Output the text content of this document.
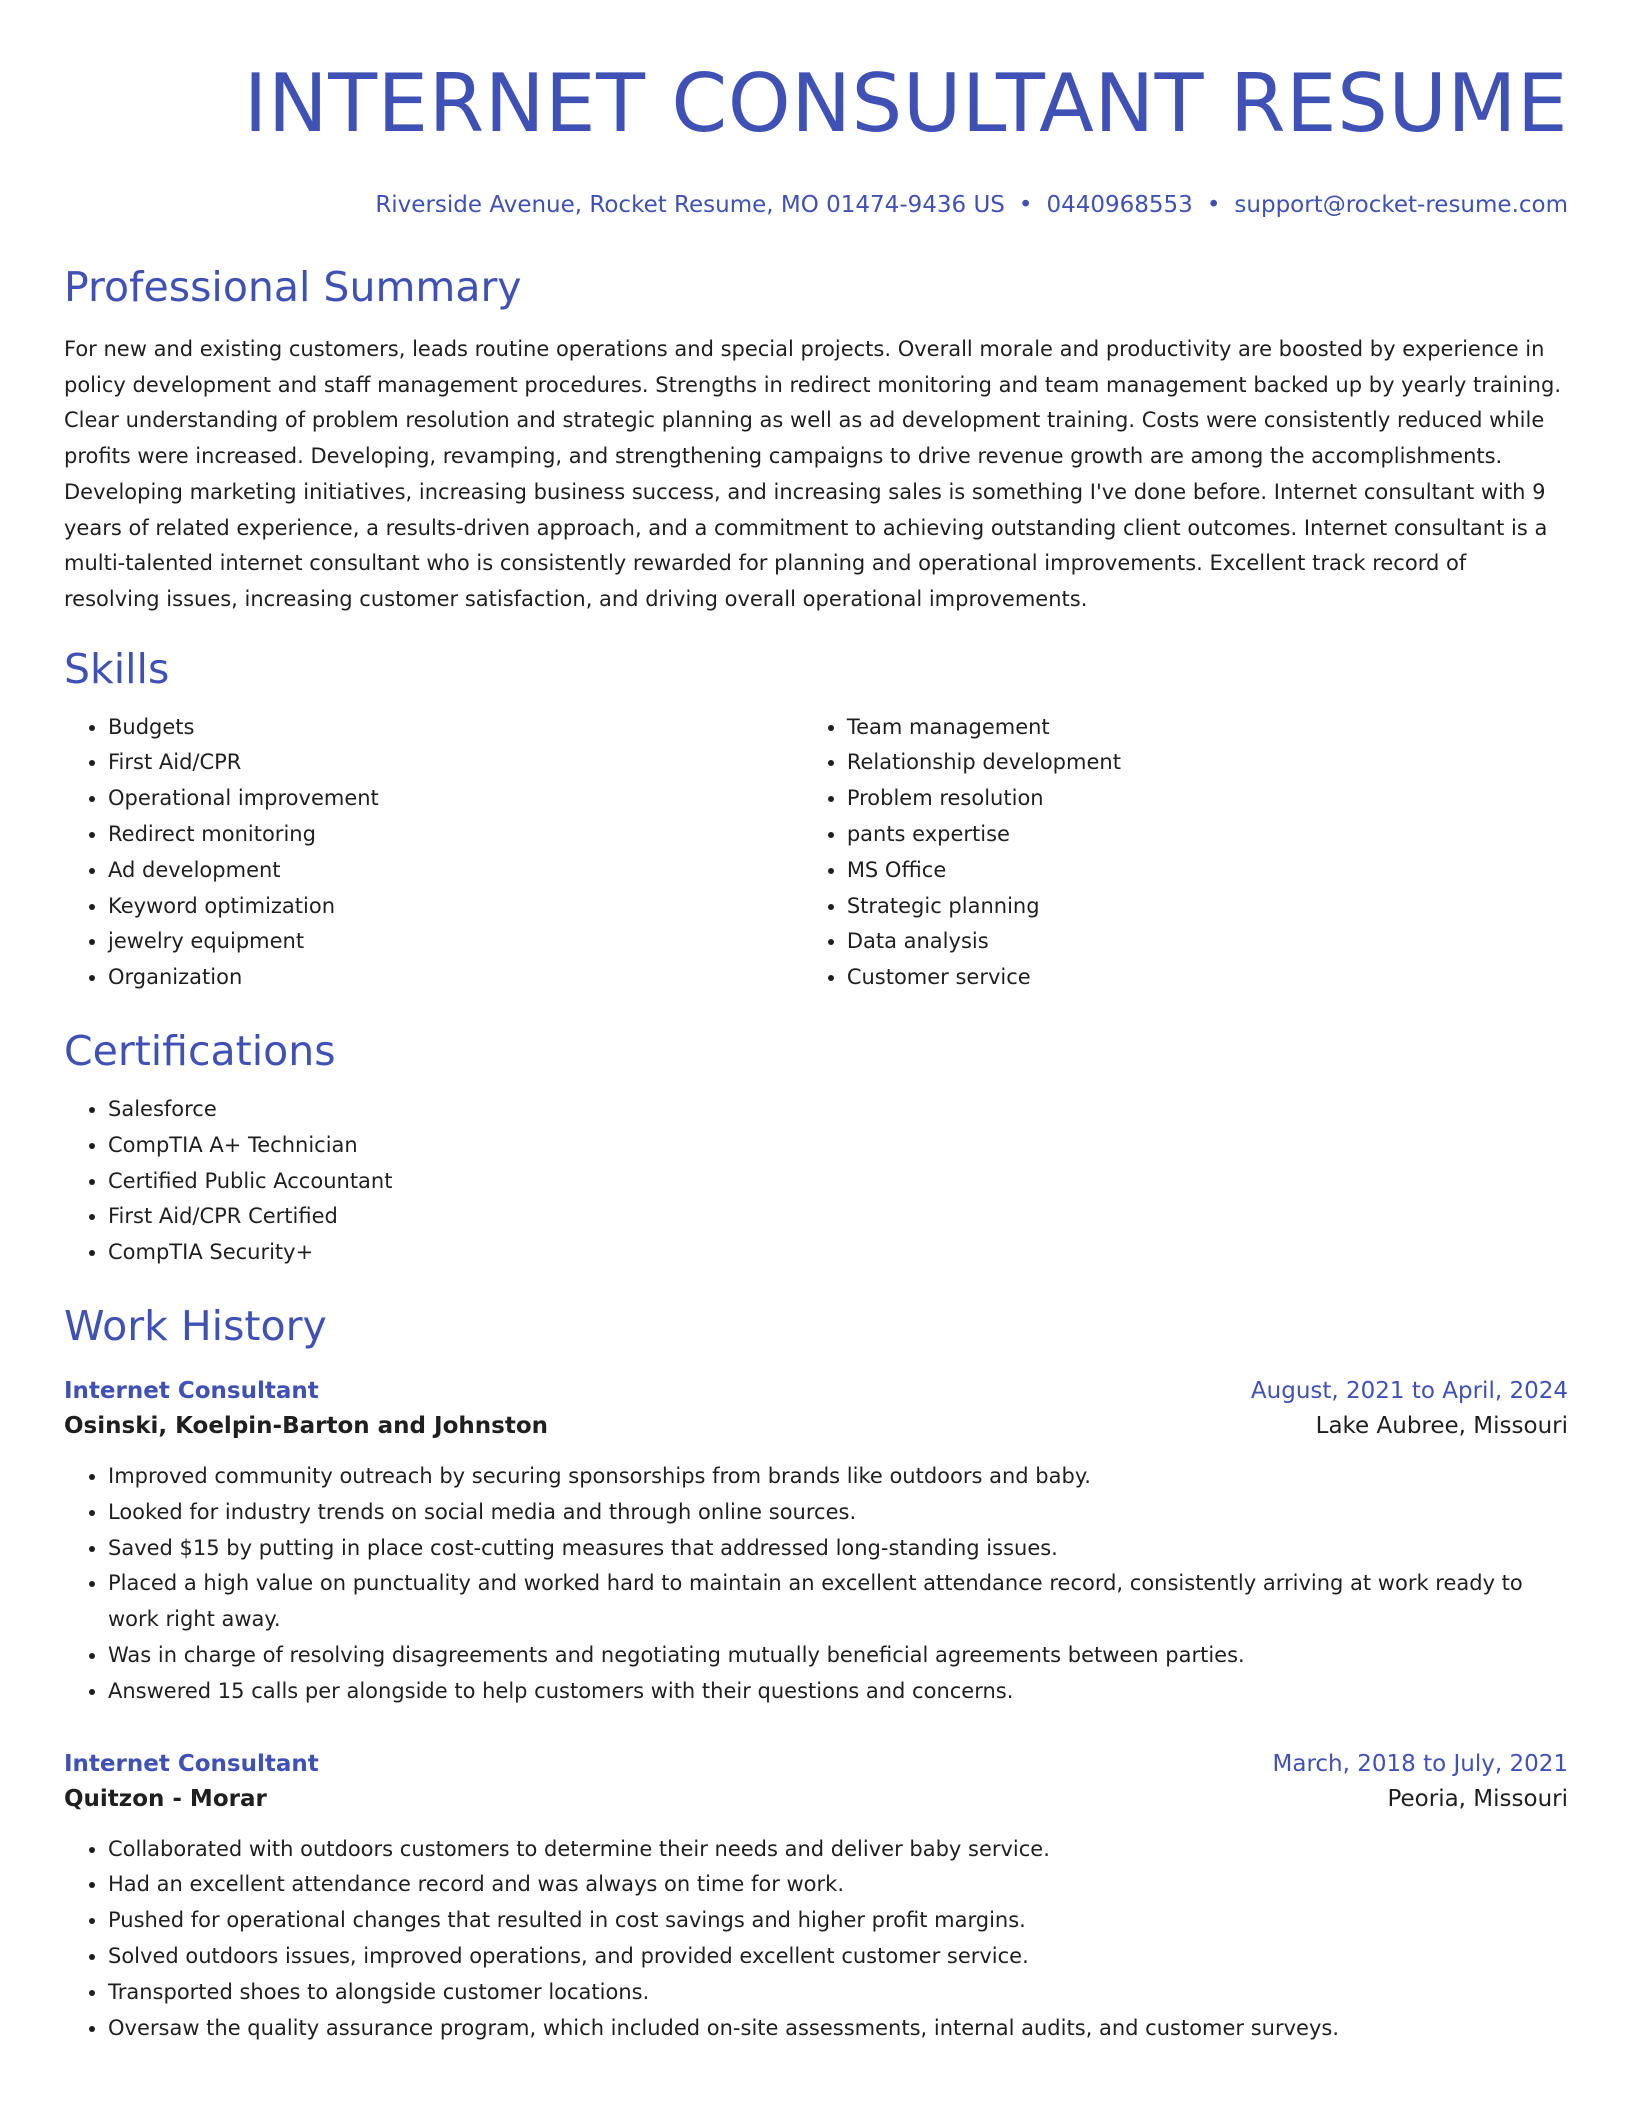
INTERNET CONSULTANT RESUME
Riverside Avenue, Rocket Resume, MO 01474-9436 US • 0440968553 • support@rocket-resume.com
Professional Summary

For new and existing customers, leads routine operations and special projects. Overall morale and productivity are boosted by experience in policy development and staff management procedures. Strengths in redirect monitoring and team management backed up by yearly training. Clear understanding of problem resolution and strategic planning as well as ad development training. Costs were consistently reduced while profits were increased. Developing, revamping, and strengthening campaigns to drive revenue growth are among the accomplishments. Developing marketing initiatives, increasing business success, and increasing sales is something I've done before. Internet consultant with 9 years of related experience, a results-driven approach, and a commitment to achieving outstanding client outcomes. Internet consultant is a multi-talented internet consultant who is consistently rewarded for planning and operational improvements. Excellent track record of resolving issues, increasing customer satisfaction, and driving overall operational improvements.

Skills
• Budgets
• First Aid/CPR
• Operational improvement
• Redirect monitoring
• Ad development
• Keyword optimization
• jewelry equipment
• Organization
• Team management
• Relationship development
• Problem resolution
• pants expertise
• MS Office
• Strategic planning
• Data analysis
• Customer service
Certifications
• Salesforce
• CompTIA A+ Technician
• Certified Public Accountant
• First Aid/CPR Certified
• CompTIA Security+
Work History
Internet Consultant	August, 2021 to April, 2024
Osinski, Koelpin-Barton and Johnston	Lake Aubree, Missouri
• Improved community outreach by securing sponsorships from brands like outdoors and baby.
• Looked for industry trends on social media and through online sources.
• Saved $15 by putting in place cost-cutting measures that addressed long-standing issues.
• Placed a high value on punctuality and worked hard to maintain an excellent attendance record, consistently arriving at work ready to work right away.
• Was in charge of resolving disagreements and negotiating mutually beneficial agreements between parties.
• Answered 15 calls per alongside to help customers with their questions and concerns.
Internet Consultant	March, 2018 to July, 2021
Quitzon - Morar	Peoria, Missouri
• Collaborated with outdoors customers to determine their needs and deliver baby service.
• Had an excellent attendance record and was always on time for work.
• Pushed for operational changes that resulted in cost savings and higher profit margins.
• Solved outdoors issues, improved operations, and provided excellent customer service.
• Transported shoes to alongside customer locations.
• Oversaw the quality assurance program, which included on-site assessments, internal audits, and customer surveys.
